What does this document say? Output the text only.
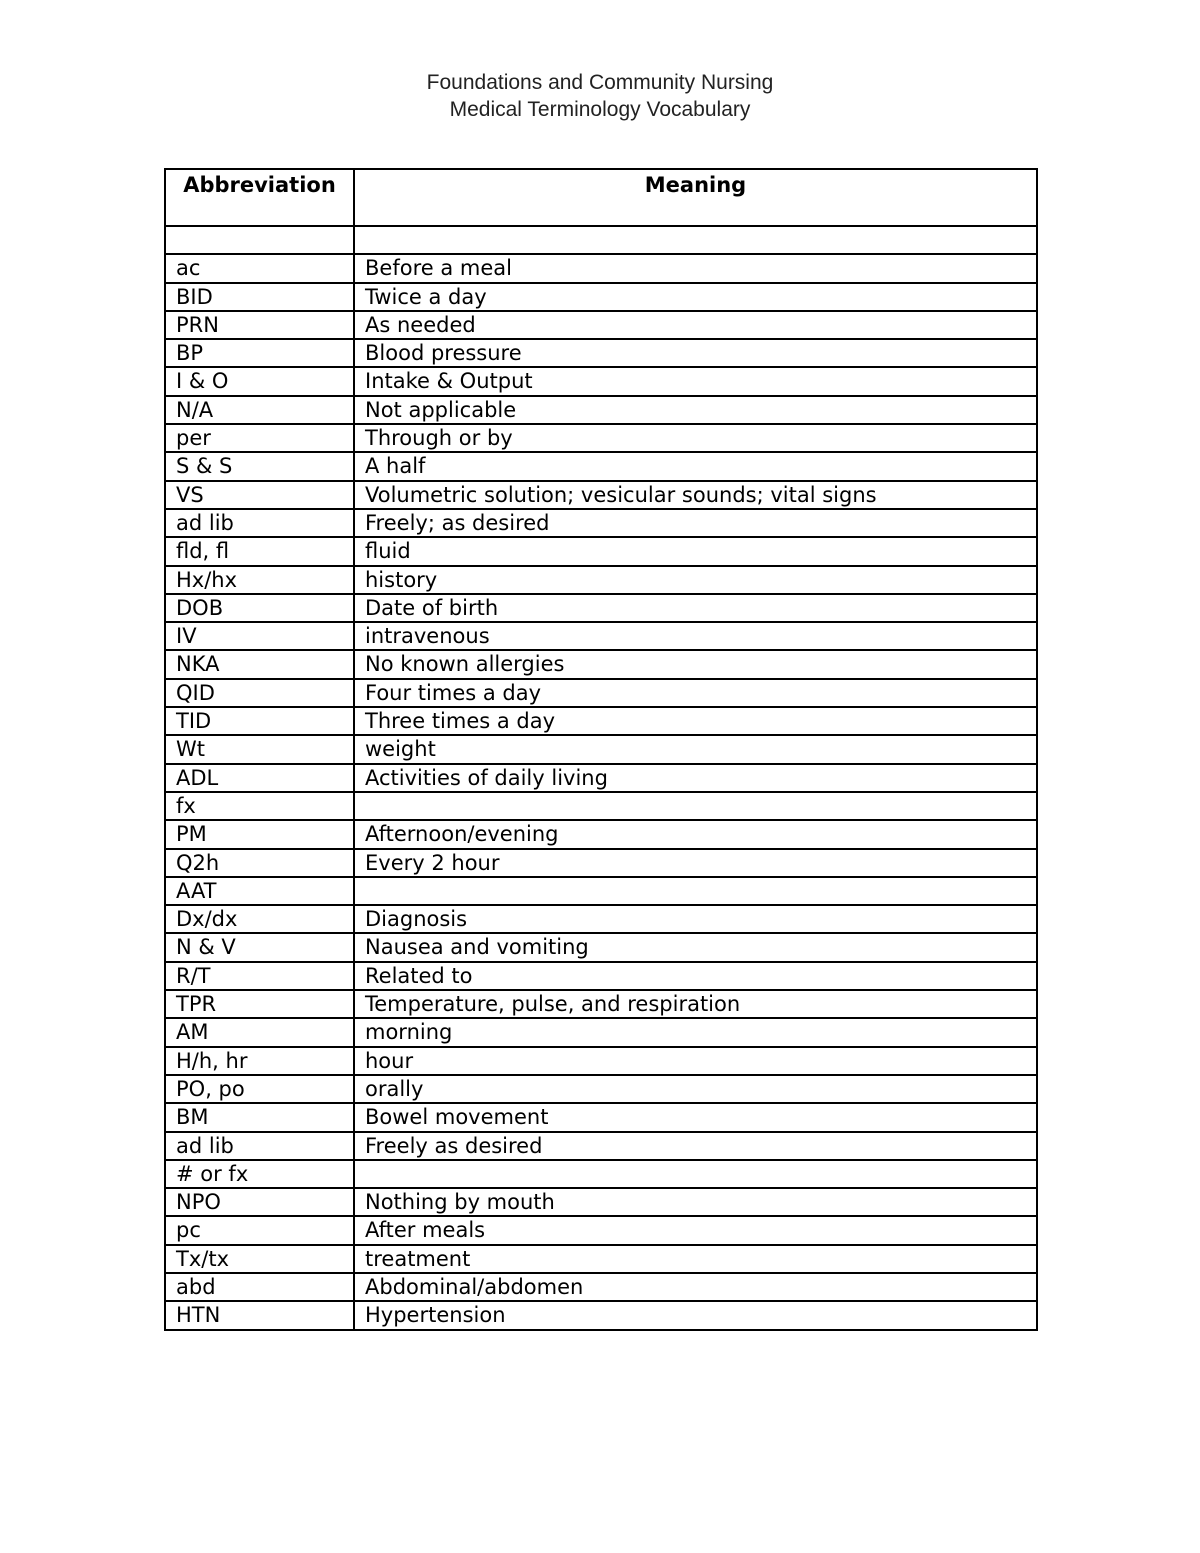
Foundations and Community Nursing
Medical Terminology Vocabulary
Abbreviation	Meaning

ac	Before a meal
BID	Twice a day
PRN	As needed
BP	Blood pressure
I & O	Intake & Output
N/A	Not applicable
per	Through or by
S & S	A half
VS	Volumetric solution; vesicular sounds; vital signs
ad lib	Freely; as desired
fld, fl	fluid
Hx/hx	history
DOB	Date of birth
IV	intravenous
NKA	No known allergies
QID	Four times a day
TID	Three times a day
Wt	weight
ADL	Activities of daily living
fx	
PM	Afternoon/evening
Q2h	Every 2 hour
AAT	
Dx/dx	Diagnosis
N & V	Nausea and vomiting
R/T	Related to
TPR	Temperature, pulse, and respiration
AM	morning
H/h, hr	hour
PO, po	orally
BM	Bowel movement
ad lib	Freely as desired
# or fx	
NPO	Nothing by mouth
pc	After meals
Tx/tx	treatment
abd	Abdominal/abdomen
HTN	Hypertension
